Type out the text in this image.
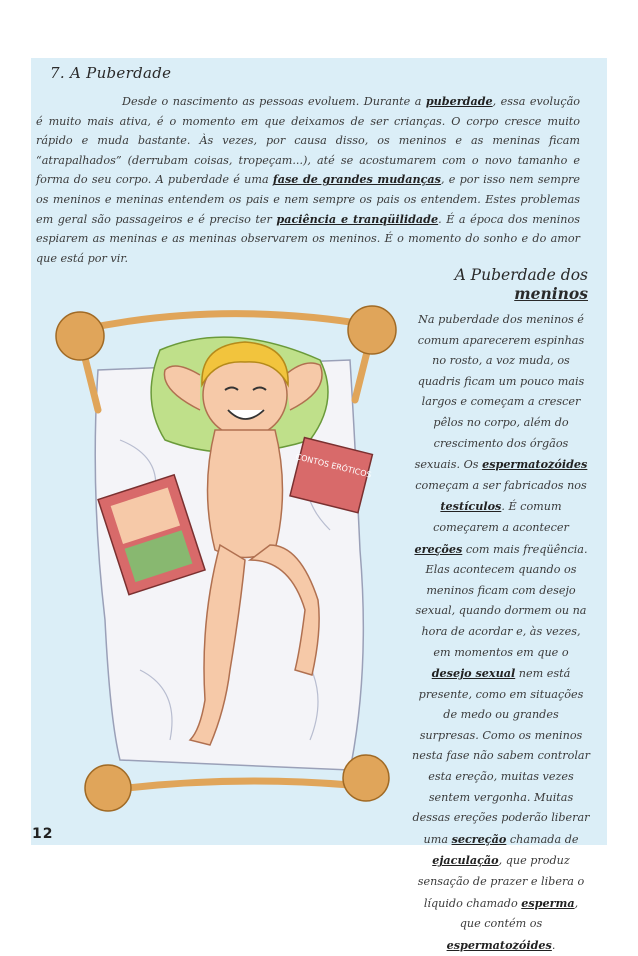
7. A Puberdade
Desde o nascimento as pessoas evoluem. Durante a puberdade, essa evolução é muito mais ativa, é o momento em que deixamos de ser crianças. O corpo cresce muito rápido e muda bastante. Às vezes, por causa disso, os meninos e as meninas ficam “atrapalhados” (derrubam coisas, tropeçam...), até se acostumarem com o novo tamanho e forma do seu corpo. A puberdade é uma fase de grandes mudanças, e por isso nem sempre os meninos e meninas entendem os pais e nem sempre os pais os entendem. Estes problemas em geral são passageiros e é preciso ter paciência e tranqüilidade. É a época dos meninos espiarem as meninas e as meninas observarem os meninos. É o momento do sonho e do amor que está por vir.
A Puberdade dos meninos
CONTOS ERÓTICOS
Na puberdade dos meninos é comum aparecerem espinhas no rosto, a voz muda, os quadris ficam um pouco mais largos e começam a crescer pêlos no corpo, além do crescimento dos órgãos sexuais. Os espermatozóides começam a ser fabricados nos testículos. É comum começarem a acontecer ereções com mais freqüência. Elas acontecem quando os meninos ficam com desejo sexual, quando dormem ou na hora de acordar e, às vezes, em momentos em que o desejo sexual nem está presente, como em situações de medo ou grandes surpresas. Como os meninos nesta fase não sabem controlar esta ereção, muitas vezes sentem vergonha. Muitas dessas ereções poderão liberar uma secreção chamada de ejaculação, que produz sensação de prazer e libera o líquido chamado esperma, que contém os espermatozóides.
12
